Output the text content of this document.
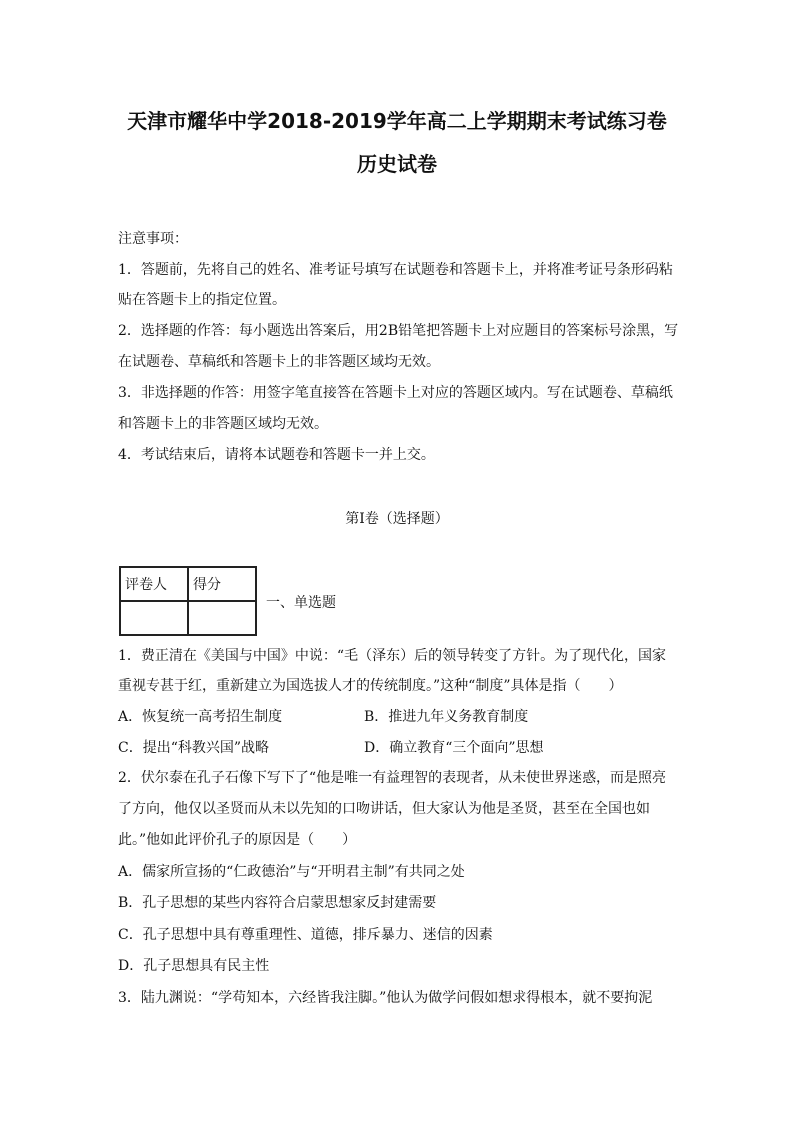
天津市耀华中学2018-2019学年高二上学期期末考试练习卷
历史试卷
注意事项：
1．答题前，先将自己的姓名、准考证号填写在试题卷和答题卡上，并将准考证号条形码粘
贴在答题卡上的指定位置。
2．选择题的作答：每小题选出答案后，用2B铅笔把答题卡上对应题目的答案标号涂黑，写
在试题卷、草稿纸和答题卡上的非答题区域均无效。
3．非选择题的作答：用签字笔直接答在答题卡上对应的答题区域内。写在试题卷、草稿纸
和答题卡上的非答题区域均无效。
4．考试结束后，请将本试题卷和答题卡一并上交。
第Ⅰ卷（选择题）
评卷人	得分

一、单选题
1．费正清在《美国与中国》中说：“毛（泽东）后的领导转变了方针。为了现代化，国家
重视专甚于红，重新建立为国选拔人才的传统制度。”这种“制度”具体是指（　　）
A．恢复统一高考招生制度	B．推进九年义务教育制度
C．提出“科教兴国”战略	D．确立教育“三个面向”思想
2．伏尔泰在孔子石像下写下了“他是唯一有益理智的表现者，从未使世界迷惑，而是照亮
了方向，他仅以圣贤而从未以先知的口吻讲话，但大家认为他是圣贤，甚至在全国也如
此。”他如此评价孔子的原因是（　　）
A．儒家所宣扬的“仁政德治”与“开明君主制”有共同之处
B．孔子思想的某些内容符合启蒙思想家反封建需要
C．孔子思想中具有尊重理性、道德，排斥暴力、迷信的因素
D．孔子思想具有民主性
3．陆九渊说：“学苟知本，六经皆我注脚。”他认为做学问假如想求得根本，就不要拘泥
